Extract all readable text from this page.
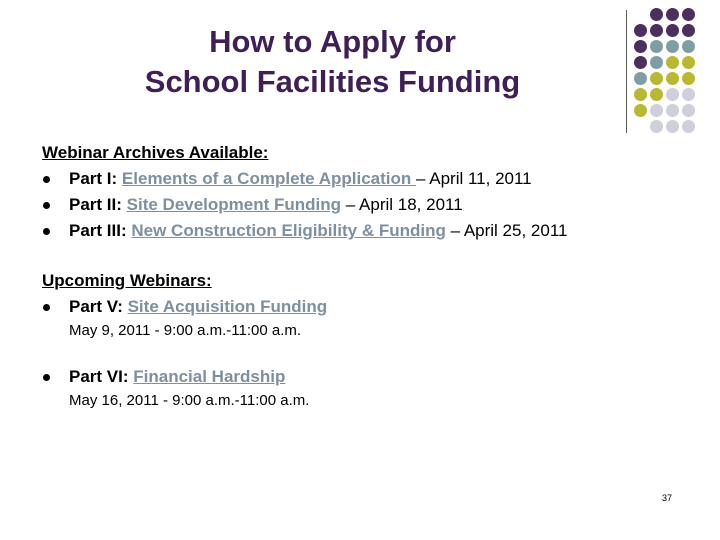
How to Apply for
School Facilities Funding
Webinar Archives Available:
Part I: Elements of a Complete Application – April 11, 2011
Part II: Site Development Funding – April 18, 2011
Part III: New Construction Eligibility & Funding – April 25, 2011
Upcoming Webinars:
Part V: Site Acquisition Funding
May 9, 2011 - 9:00 a.m.-11:00 a.m.
Part VI: Financial Hardship
May 16, 2011 - 9:00 a.m.-11:00 a.m.
37
